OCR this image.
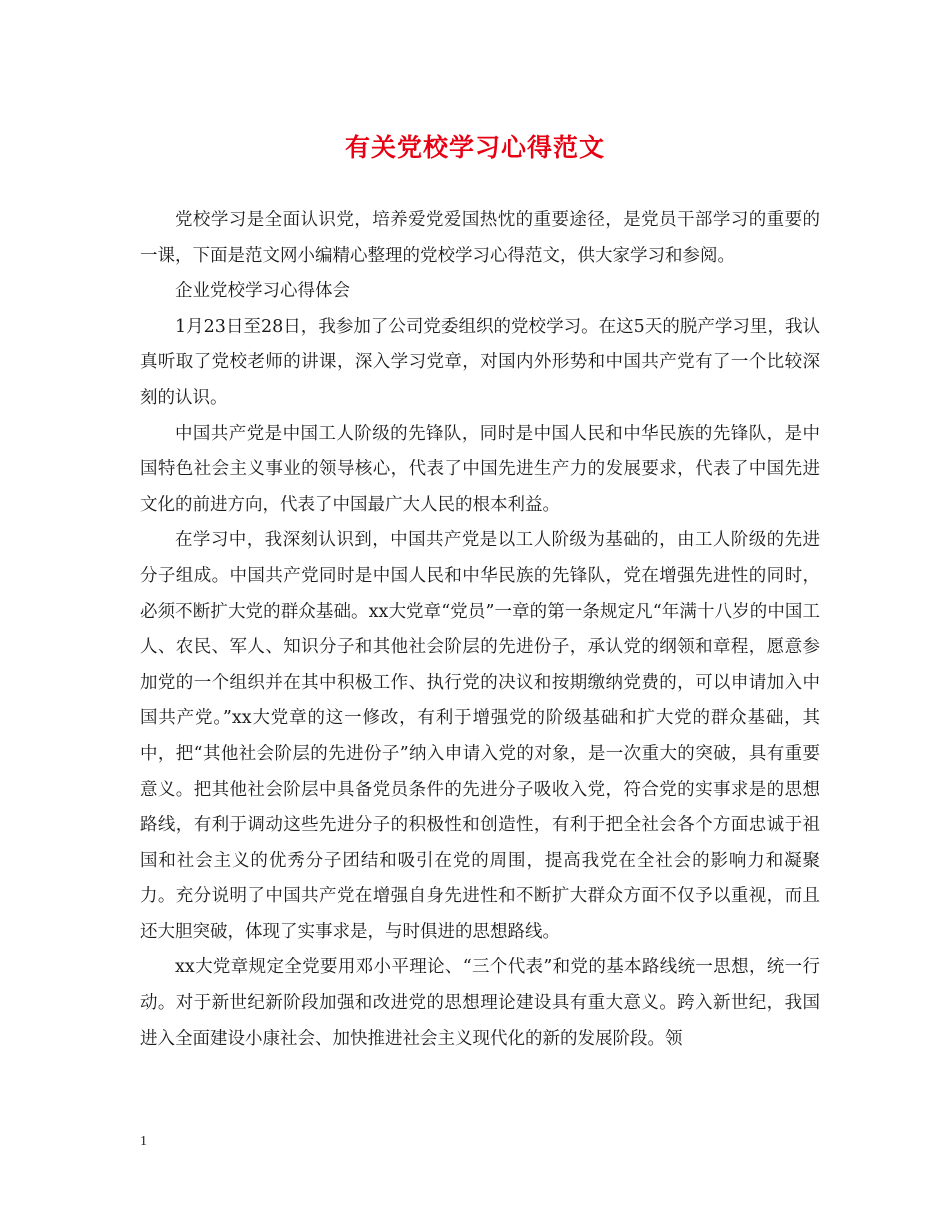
有关党校学习心得范文

党校学习是全面认识党，培养爱党爱国热忱的重要途径，是党员干部学习的重要的一课，下面是范文网小编精心整理的党校学习心得范文，供大家学习和参阅。

企业党校学习心得体会

1月23日至28日，我参加了公司党委组织的党校学习。在这5天的脱产学习里，我认真听取了党校老师的讲课，深入学习党章，对国内外形势和中国共产党有了一个比较深刻的认识。

中国共产党是中国工人阶级的先锋队，同时是中国人民和中华民族的先锋队，是中国特色社会主义事业的领导核心，代表了中国先进生产力的发展要求，代表了中国先进文化的前进方向，代表了中国最广大人民的根本利益。

在学习中，我深刻认识到，中国共产党是以工人阶级为基础的，由工人阶级的先进分子组成。中国共产党同时是中国人民和中华民族的先锋队，党在增强先进性的同时，必须不断扩大党的群众基础。xx大党章“党员”一章的第一条规定凡“年满十八岁的中国工人、农民、军人、知识分子和其他社会阶层的先进份子，承认党的纲领和章程，愿意参加党的一个组织并在其中积极工作、执行党的决议和按期缴纳党费的，可以申请加入中国共产党。”xx大党章的这一修改，有利于增强党的阶级基础和扩大党的群众基础，其中，把“其他社会阶层的先进份子”纳入申请入党的对象，是一次重大的突破，具有重要意义。把其他社会阶层中具备党员条件的先进分子吸收入党，符合党的实事求是的思想路线，有利于调动这些先进分子的积极性和创造性，有利于把全社会各个方面忠诚于祖国和社会主义的优秀分子团结和吸引在党的周围，提高我党在全社会的影响力和凝聚力。充分说明了中国共产党在增强自身先进性和不断扩大群众方面不仅予以重视，而且还大胆突破，体现了实事求是，与时俱进的思想路线。

xx大党章规定全党要用邓小平理论、“三个代表”和党的基本路线统一思想，统一行动。对于新世纪新阶段加强和改进党的思想理论建设具有重大意义。跨入新世纪，我国进入全面建设小康社会、加快推进社会主义现代化的新的发展阶段。领

1
